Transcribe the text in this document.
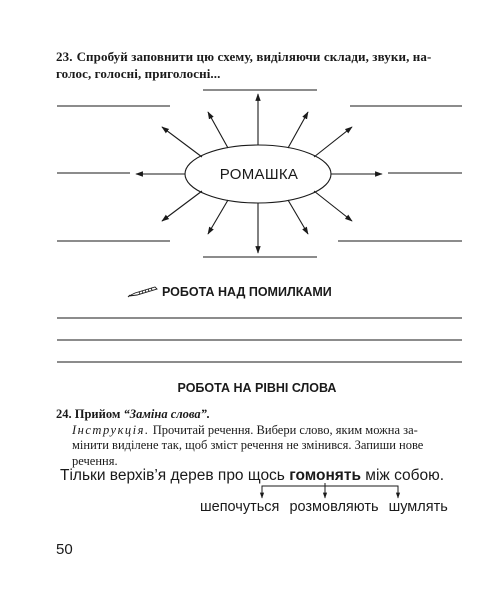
23. Спробуй заповнити цю схему, виділяючи склади, звуки, на-
голос, голосні, приголосні...
РОМАШКА
РОБОТА НАД ПОМИЛКАМИ
РОБОТА НА РІВНІ СЛОВА
24. Прийом “Заміна слова”.
Інструкція. Прочитай речення. Вибери слово, яким можна за-
мінити виділене так, щоб зміст речення не змінився. Запиши нове
речення.
Тільки верхів’я дерев про щось гомонять між собою.
шепочуться розмовляють шумлять
50
